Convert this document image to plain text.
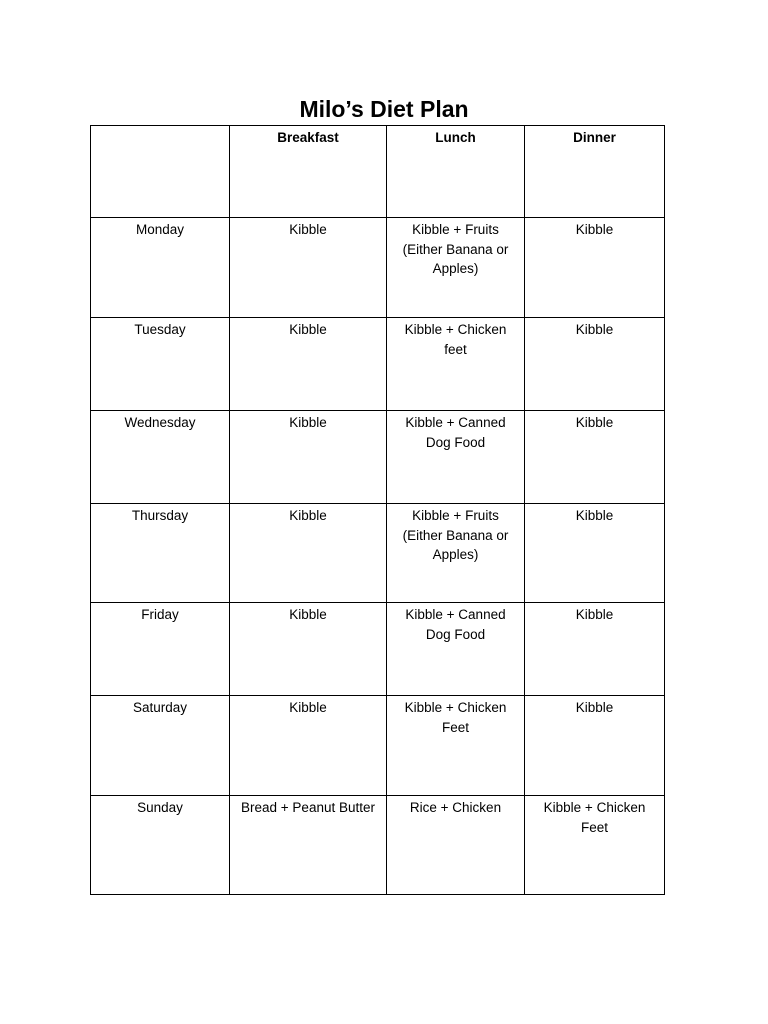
Milo’s Diet Plan
	Breakfast	Lunch	Dinner
Monday	Kibble	Kibble + Fruits (Either Banana or Apples)	Kibble
Tuesday	Kibble	Kibble + Chicken feet	Kibble
Wednesday	Kibble	Kibble + Canned Dog Food	Kibble
Thursday	Kibble	Kibble + Fruits (Either Banana or Apples)	Kibble
Friday	Kibble	Kibble + Canned Dog Food	Kibble
Saturday	Kibble	Kibble + Chicken Feet	Kibble
Sunday	Bread + Peanut Butter	Rice + Chicken	Kibble + Chicken Feet
